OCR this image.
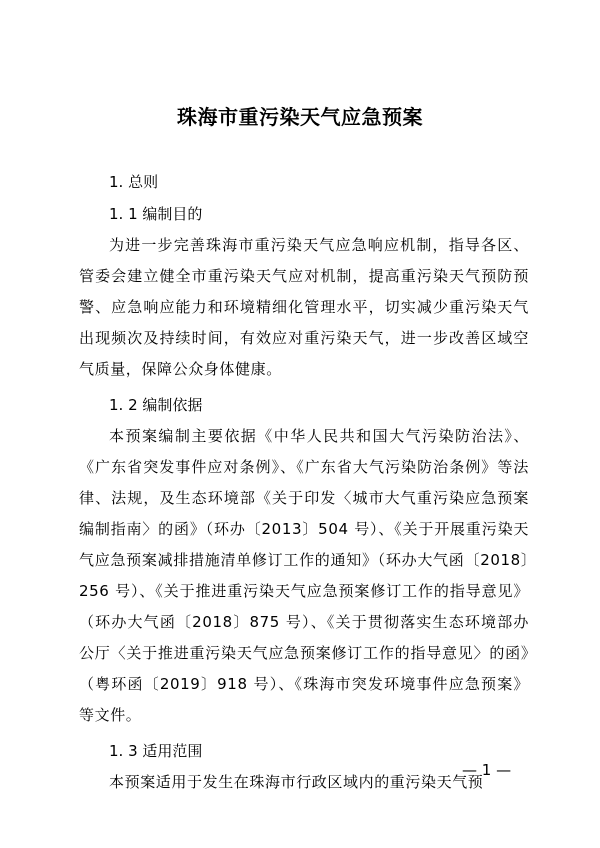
珠海市重污染天气应急预案
1. 总则
1. 1 编制目的

为进一步完善珠海市重污染天气应急响应机制，指导各区、管委会建立健全市重污染天气应对机制，提高重污染天气预防预警、应急响应能力和环境精细化管理水平，切实减少重污染天气出现频次及持续时间，有效应对重污染天气，进一步改善区域空气质量，保障公众身体健康。

1. 2 编制依据

本预案编制主要依据《中华人民共和国大气污染防治法》、《广东省突发事件应对条例》、《广东省大气污染防治条例》等法律、法规，及生态环境部《关于印发〈城市大气重污染应急预案编制指南〉的函》（环办〔2013〕504 号）、《关于开展重污染天气应急预案减排措施清单修订工作的通知》（环办大气函〔2018〕256 号）、《关于推进重污染天气应急预案修订工作的指导意见》（环办大气函〔2018〕875 号）、《关于贯彻落实生态环境部办公厅〈关于推进重污染天气应急预案修订工作的指导意见〉的函》（粤环函〔2019〕918 号）、《珠海市突发环境事件应急预案》等文件。

1. 3 适用范围

本预案适用于发生在珠海市行政区域内的重污染天气预

— 1 —
